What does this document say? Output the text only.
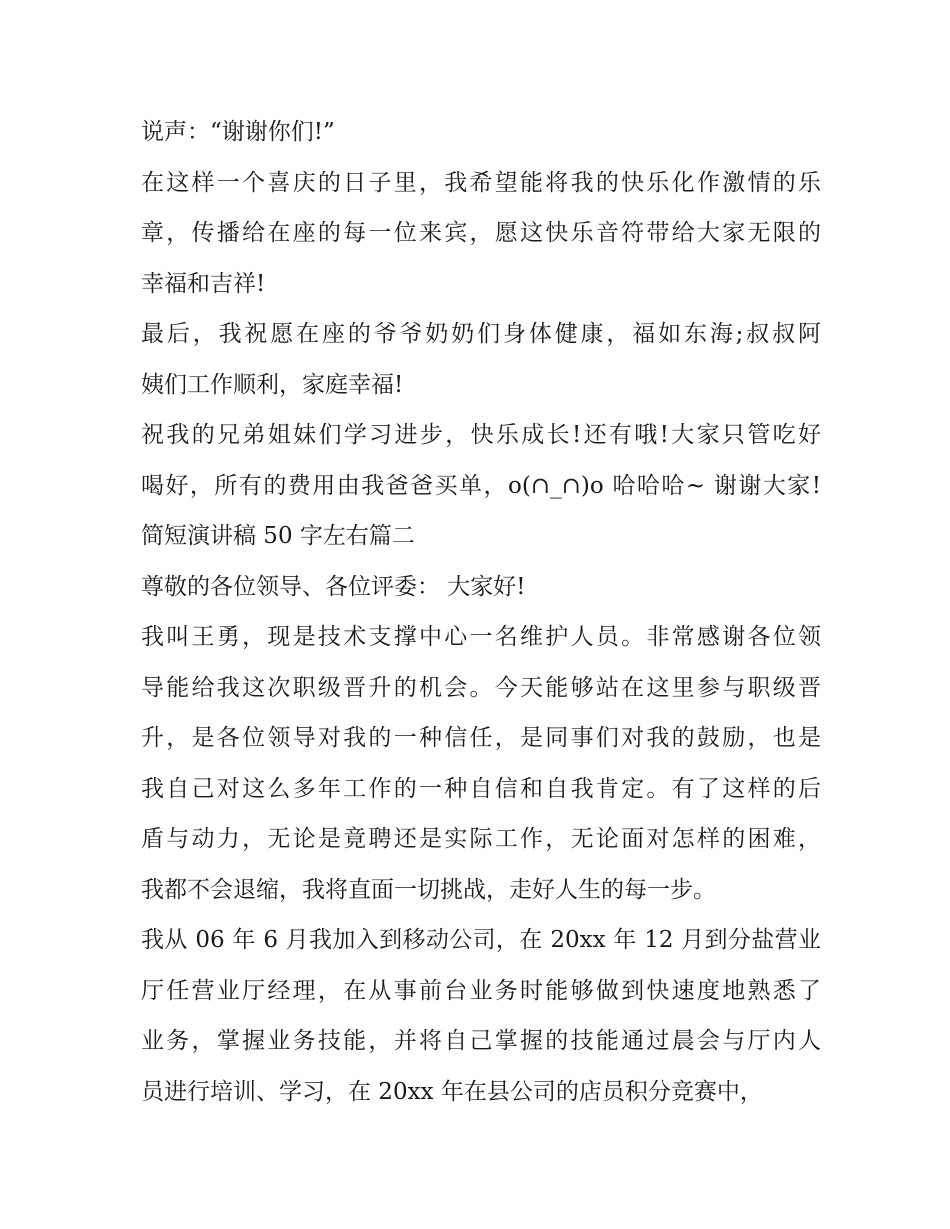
说声：“谢谢你们!”
在这样一个喜庆的日子里，我希望能将我的快乐化作激情的乐
章，传播给在座的每一位来宾，愿这快乐音符带给大家无限的
幸福和吉祥!
最后，我祝愿在座的爷爷奶奶们身体健康，福如东海;叔叔阿
姨们工作顺利，家庭幸福!
祝我的兄弟姐妹们学习进步，快乐成长!还有哦!大家只管吃好
喝好，所有的费用由我爸爸买单，o(∩_∩)o 哈哈哈~ 谢谢大家!
简短演讲稿 50 字左右篇二
尊敬的各位领导、各位评委： 大家好!
我叫王勇，现是技术支撑中心一名维护人员。非常感谢各位领
导能给我这次职级晋升的机会。今天能够站在这里参与职级晋
升，是各位领导对我的一种信任，是同事们对我的鼓励，也是
我自己对这么多年工作的一种自信和自我肯定。有了这样的后
盾与动力，无论是竟聘还是实际工作，无论面对怎样的困难，
我都不会退缩，我将直面一切挑战，走好人生的每一步。
我从 06 年 6 月我加入到移动公司，在 20xx 年 12 月到分盐营业
厅任营业厅经理，在从事前台业务时能够做到快速度地熟悉了
业务，掌握业务技能，并将自己掌握的技能通过晨会与厅内人
员进行培训、学习，在 20xx 年在县公司的店员积分竞赛中，
